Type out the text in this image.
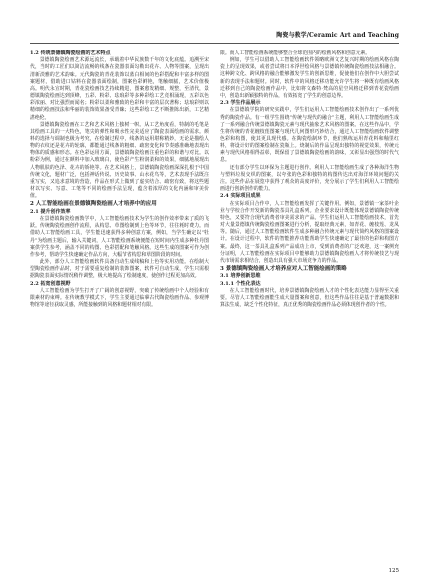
陶瓷与教学/Ceramic Art and Teaching
1.2 传统景德镇陶瓷绘画的艺术特点

景德镇陶瓷绘画艺术源远流长，承载着中华民族数千年的文化底蕴。追溯至宋代，当时的工匠们以简洁流畅的线条在瓷器表面勾勒出花卉、人物等图案，呈现出清新淡雅的艺术韵味。元代陶瓷的青花装饰以蓝白相间的色彩搭配和丰富多样的图案题材，借助进口钴料在瓷器表面绘制，图案色彩鲜艳，笔触细腻，艺术价值极高。明代永宣时期，青花瓷绘画技艺持续精进，图案愈发精细、规整，至清代，景德镇陶瓷绘画达到顶峰，五彩、粉彩、珐琅彩等多种彩绘工艺竞相涌现，五彩以色彩浓丽、对比强烈而闻名；粉彩以柔和雅致的色彩和丰富的层次著称；珐琅彩则以精细的绘画技法和华丽的装饰效果备受青睐；这些彩绘工艺不断推陈出新，工艺精湛绝伦。

景德镇陶瓷绘画在工艺和艺术风格上独树一帜。从工艺角度看，特制的毛笔是其绘画工具的一大特色，笔尖的弹性和吸水性完美适应了陶瓷表面绘画的需求。颜料的选择与调制也极为考究，在绘制过程中，线条的运用堪称精妙，无论是描绘人物的衣纹还是花卉的轮廓，都能通过线条的粗细、疏密变化和节奏感准确地表现出物体的质感和形态。在色彩运用方面，景德镇陶瓷绘画注重色彩的和谐与对比。以粉彩为例，通过在颜料中加入玻璃白，使色彩产生粉润柔和的效果，细腻地展现出人物肌肤的色泽、花卉的娇艳等。在艺术风格上，景德镇陶瓷绘画深深扎根于中国传统文化，题材广泛，包括神话传说、历史故事、山水花鸟等，艺术表现手法既注重写实，又追求意境的营造，作品在形式上做到了虚实结合、疏密有致，将这些题材以写实、写意、工笔等不同的绘画手法呈现，蕴含着浓厚的文化内涵和审美价值。

2 人工智能绘画在景德镇陶瓷绘画人才培养中的应用
2.1 提升创作效率

在景德镇陶瓷绘画教学中，人工智能绘画技术为学生的创作效率带来了质的飞跃。传统陶瓷绘画创作流程，从构思、草图绘制到上色等环节，往往耗时费力。而借助人工智能绘画工具，学生能迅速获得多种创意方案，例如，当学生确定以“牡丹”为绘画主题后，输入关键词，人工智能绘画系统便能在短时间内生成多种牡丹图案供学生参考，涵盖不同的构图、色彩搭配和笔触风格。这些生成的图案可作为创作参考，帮助学生快速确定作品方向，大幅节省构思和草图阶段的时间。

此外，部分人工智能绘画软件具备自动生成线稿和上色等实用功能。在绘制大型陶瓷绘画作品时，对于需要重复绘制的装饰图案，软件可自动生成，学生只需根据陶瓷表面实际情况稍作调整，极大地提高了绘制速度，使创作过程更加高效。

2.2 拓宽创意视野

人工智能绘画为学生打开了广阔的创意视野，突破了传统绘画中个人经验和有限素材的束缚。在传统教学模式下，学生主要通过临摹古代陶瓷绘画作品、参观博物馆等途径获取灵感，所能接触到的风格和题材相对有限。

限。而人工智能绘画系统能够整合全球范围内的绘画风格和创意元素。

例如，学生可以借助人工智能绘画软件领略欧洲文艺复兴时期的绘画风格在陶瓷上的呈现效果，或者尝试将日本浮世绘风格与景德镇传统陶瓷绘画技法相融合。这种跨文化、跨风格的融合能够激发学生的创新思维，促使他们在创作中大胆尝试新的表现手法和题材。同时，软件中的风格迁移功能允许学生将一种既有绘画风格迁移到自己的陶瓷绘画作品中，比如将文森特·梵高的星空风格迁移到青花瓷绘画中，创造出新颖独特的作品，有效拓宽了学生的创意边界。

2.3 学生作品展示

在景德镇学院的研究实践中，学生们运用人工智能绘画技术创作出了一系列优秀的陶瓷作品。有一组学生围绕“传统与现代的融合”主题，利用人工智能绘画生成了一系列融合传统景德镇陶瓷元素与现代抽象艺术风格的图案。在这些作品中，学生将传统的青花缠枝莲图案与现代几何图形巧妙结合，通过人工智能绘画软件调整色彩和构图，使其更具现代感。在陶瓷绘制环节，他们熟练运用青花料和釉里红料，将设计好的图案绘制在瓷瓶上。烧制后的作品呈现出独特的视觉效果，传统元素与现代风格相得益彰，既保留了景德镇陶瓷绘画的韵味，又彰显出强烈的时代气息。

还有部分学生以环保为主题进行创作。利用人工智能绘画生成了各种海洋生物与塑料垃圾交织的图案，以夸张的色彩和独特的构图传达出对海洋环境问题的关注。这些作品在展览中获得了观众的高度评价，充分展示了学生们利用人工智能绘画进行创新创作的能力。

2.4 实际项目成果

在实际项目合作中，人工智能绘画发挥了关键作用。例如，景德镇一家茶叶企业与学校合作开发新的陶瓷茶具礼盒系列。企业要求设计既能体现景德镇陶瓷传统特色，又要符合现代消费者审美需求的产品。学生们运用人工智能绘画技术，首先对大量景德镇传统陶瓷绘画图案进行分析，提取经典元素，如青花、缠枝莲、龙凤等。随后，通过人工智能绘画软件生成多种融合传统元素与现代简约风格的图案设计。在设计过程中，软件的智能推荐功能帮助学生快速确定了最佳的色彩和构图方案。最终，这一茶具礼盒系列产品成功上市，受到消费者的广泛欢迎，这一案例充分证明，人工智能绘画在实际项目中能够助力景德镇陶瓷绘画人才将传统技艺与现代市场需求相结合，创造出具有强大市场竞争力的作品。

3 景德镇陶瓷绘画人才培养应对人工智能绘画的策略
3.1 培养创新思维
3.1.1 个性化表达

在人工智能绘画时代，培养景德镇陶瓷绘画人才的个性化表达能力显得至关重要。尽管人工智能绘画能生成大量图案和创意，但这些作品往往是基于普遍数据和算法生成，缺乏个性化特征，真正优秀的陶瓷绘画作品必须体现创作者的个性。

125
